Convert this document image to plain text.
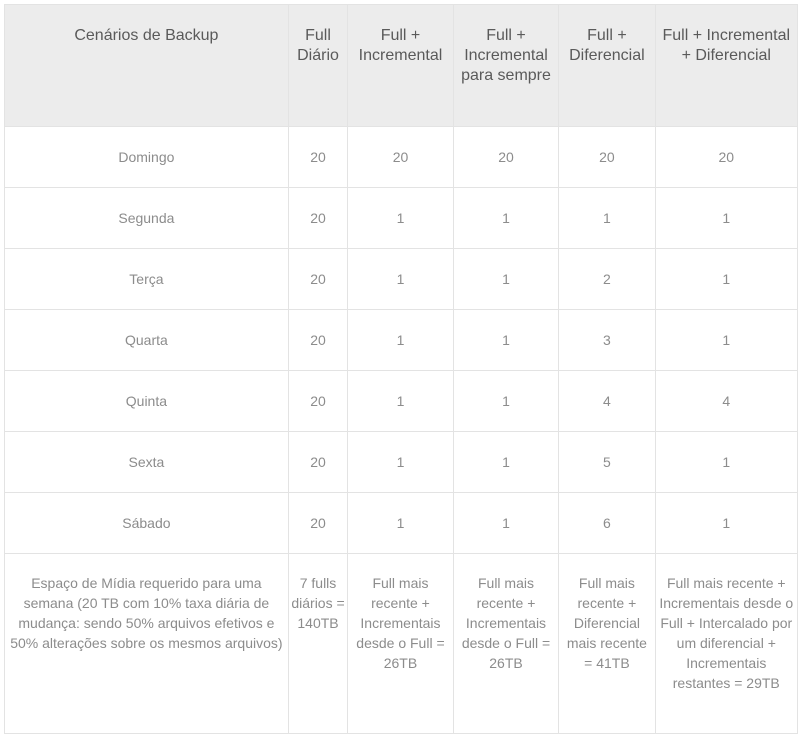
Cenários de Backup	Full Diário	Full + Incremental	Full + Incremental para sempre	Full + Diferencial	Full + Incremental + Diferencial
Domingo	20	20	20	20	20
Segunda	20	1	1	1	1
Terça	20	1	1	2	1
Quarta	20	1	1	3	1
Quinta	20	1	1	4	4
Sexta	20	1	1	5	1
Sábado	20	1	1	6	1
Espaço de Mídia requerido para uma semana (20 TB com 10% taxa diária de mudança: sendo 50% arquivos efetivos e 50% alterações sobre os mesmos arquivos)	7 fulls diários = 140TB	Full mais recente + Incrementais desde o Full = 26TB	Full mais recente + Incrementais desde o Full = 26TB	Full mais recente + Diferencial mais recente = 41TB	Full mais recente + Incrementais desde o Full + Intercalado por um diferencial + Incrementais restantes = 29TB
